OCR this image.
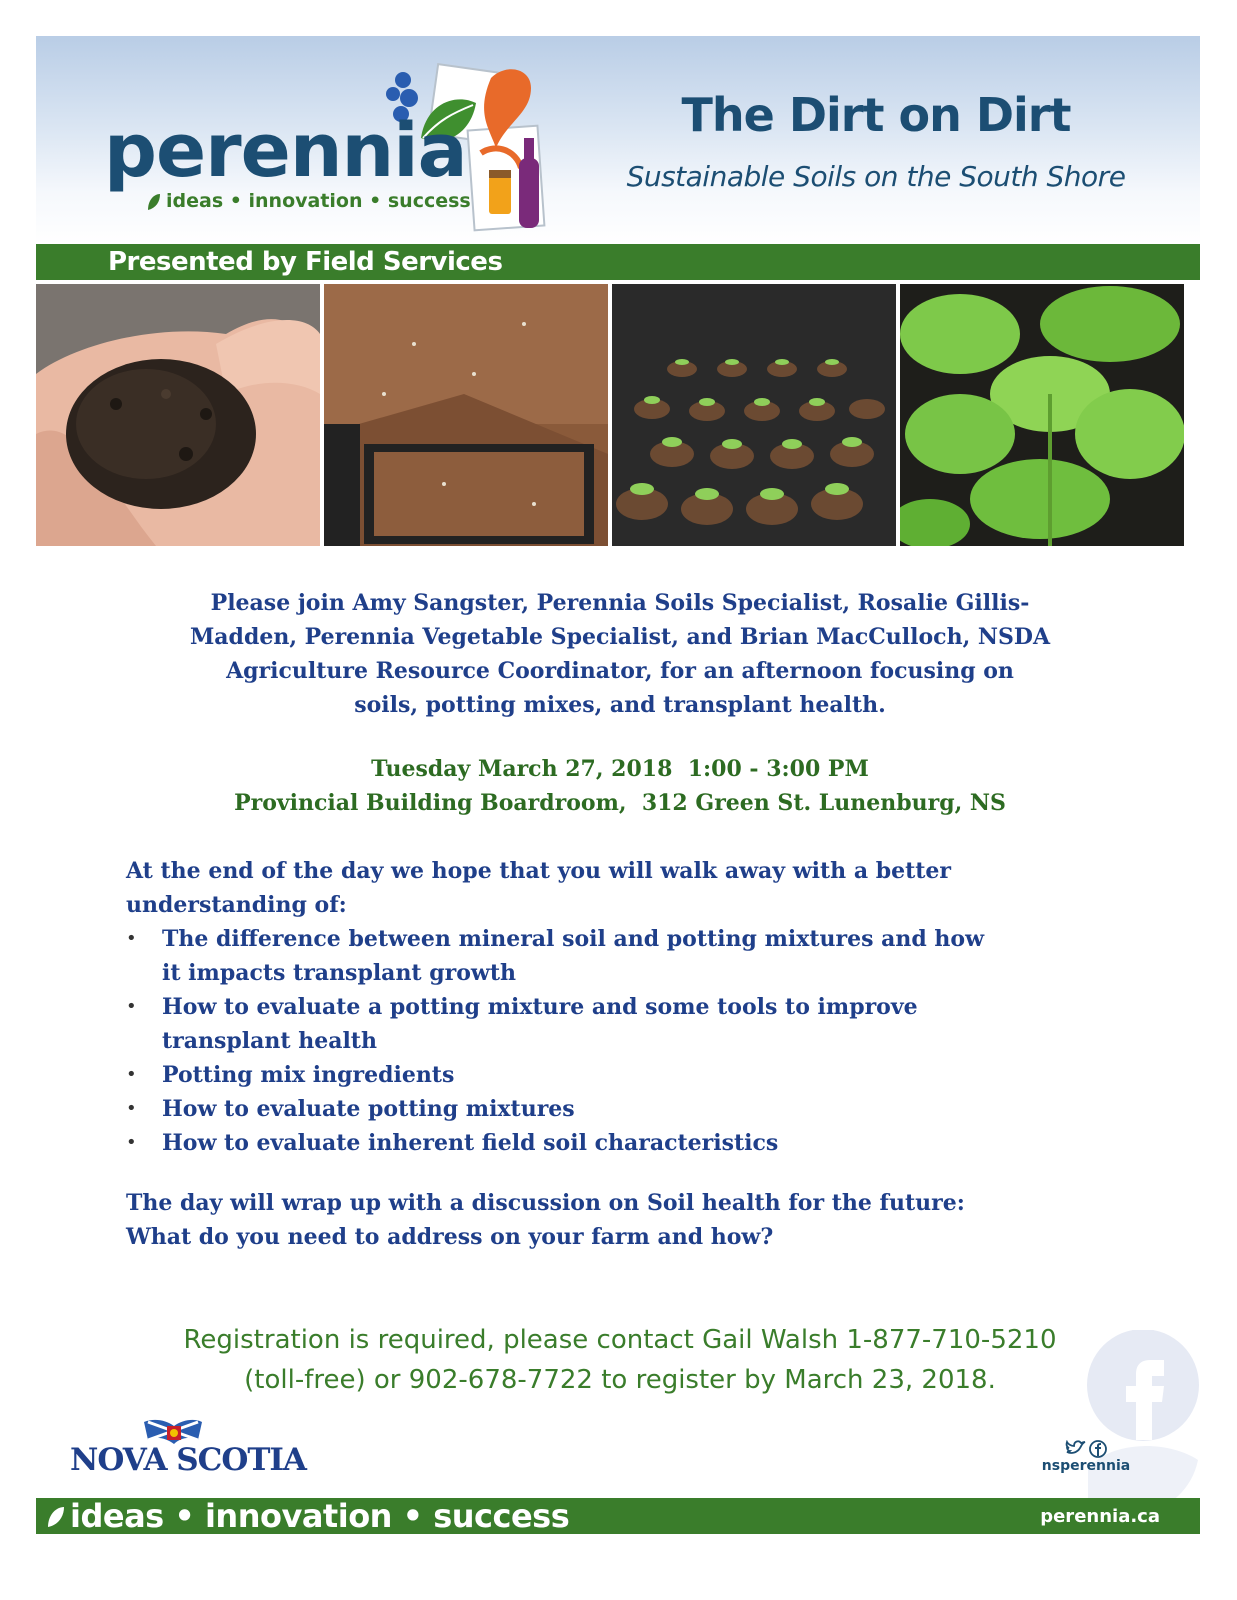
perennia
ideas • innovation • success
The Dirt on Dirt
Sustainable Soils on the South Shore
Presented by Field Services
Please join Amy Sangster, Perennia Soils Specialist, Rosalie Gillis-
Madden, Perennia Vegetable Specialist, and Brian MacCulloch, NSDA
Agriculture Resource Coordinator, for an afternoon focusing on
soils, potting mixes, and transplant health.
Tuesday March 27, 2018  1:00 - 3:00 PM
Provincial Building Boardroom,  312 Green St. Lunenburg, NS
At the end of the day we hope that you will walk away with a better
understanding of:
• The difference between mineral soil and potting mixtures and how
it impacts transplant growth
• How to evaluate a potting mixture and some tools to improve
transplant health
• Potting mix ingredients
• How to evaluate potting mixtures
• How to evaluate inherent field soil characteristics
The day will wrap up with a discussion on Soil health for the future:
What do you need to address on your farm and how?
Registration is required, please contact Gail Walsh 1-877-710-5210
(toll-free) or 902-678-7722 to register by March 23, 2018.
NOVA SCOTIA	nsperennia
ideas • innovation • success	perennia.ca
